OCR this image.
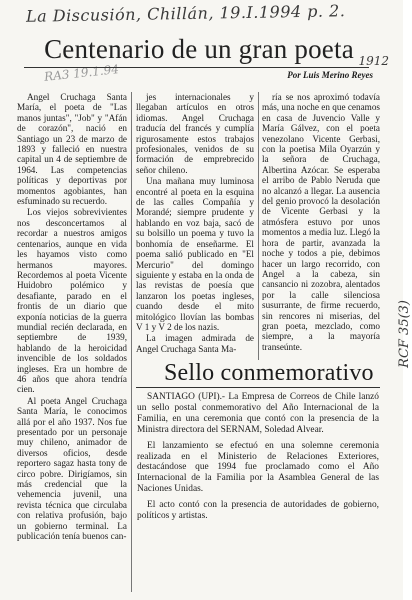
La Discusión, Chillán, 19.I.1994 p. 2.
RA3 19.1.94
1912
RCF 35(3)
Centenario de un gran poeta
Por Luis Merino Reyes

Angel Cruchaga Santa María, el poeta de "Las manos juntas", "Job" y "Afán de corazón", nació en Santiago un 23 de marzo de 1893 y falleció en nuestra capital un 4 de septiembre de 1964. Las competencias políticas y deportivas por momentos agobiantes, han esfuminado su recuerdo.

Los viejos sobrevivientes nos desconcertamos al recordar a nuestros amigos centenarios, aunque en vida les hayamos visto como hermanos mayores. Recordemos al poeta Vicente Huidobro polémico y desafiante, parado en el frontis de un diario que exponía noticias de la guerra mundial recién declarada, en septiembre de 1939, hablando de la heroicidad invencible de los soldados ingleses. Era un hombre de 46 años que ahora tendría cien.

Al poeta Angel Cruchaga Santa María, le conocimos allá por el año 1937. Nos fue presentado por un personaje muy chileno, animador de diversos oficios, desde reportero sagaz hasta tony de circo pobre. Dirigíamos, sin más credencial que la vehemencia juvenil, una revista técnica que circulaba con relativa profusión, bajo un gobierno terminal. La publicación tenía buenos can-

jes internacionales y llegaban artículos en otros idiomas. Angel Cruchaga traducía del francés y cumplía rigurosamente estos trabajos profesionales, venidos de su formación de emprebrecido señor chileno.

Una mañana muy luminosa encontré al poeta en la esquina de las calles Compañía y Morandé; siempre prudente y hablando en voz baja, sacó de su bolsillo un poema y tuvo la bonhomía de enseñarme. El poema salió publicado en "El Mercurio" del domingo siguiente y estaba en la onda de las revistas de poesía que lanzaron los poetas ingleses, cuando desde el mito mitológico llovían las bombas V 1 y V 2 de los nazis.

La imagen admirada de Angel Cruchaga Santa Ma-

ría se nos aproximó todavía más, una noche en que cenamos en casa de Juvencio Valle y María Gálvez, con el poeta venezolano Vicente Gerbasi, con la poetisa Mila Oyarzún y la señora de Cruchaga, Albertina Azócar. Se esperaba el arribo de Pablo Neruda que no alcanzó a llegar. La ausencia del genio provocó la desolación de Vicente Gerbasi y la atmósfera estuvo por unos momentos a media luz. Llegó la hora de partir, avanzada la noche y todos a pie, debimos hacer un largo recorrido, con Angel a la cabeza, sin cansancio ni zozobra, alentados por la calle silenciosa susurrante, de firme recuerdo, sin rencores ni miserias, del gran poeta, mezclado, como siempre, a la mayoría transeúnte.

Sello conmemorativo

SANTIAGO (UPI).- La Empresa de Correos de Chile lanzó un sello postal conmemorativo del Año Internacional de la Familia, en una ceremonia que contó con la presencia de la Ministra directora del SERNAM, Soledad Alvear.

El lanzamiento se efectuó en una solemne ceremonia realizada en el Ministerio de Relaciones Exteriores, destacándose que 1994 fue proclamado como el Año Internacional de la Familia por la Asamblea General de las Naciones Unidas.

El acto contó con la presencia de autoridades de gobierno, políticos y artistas.
